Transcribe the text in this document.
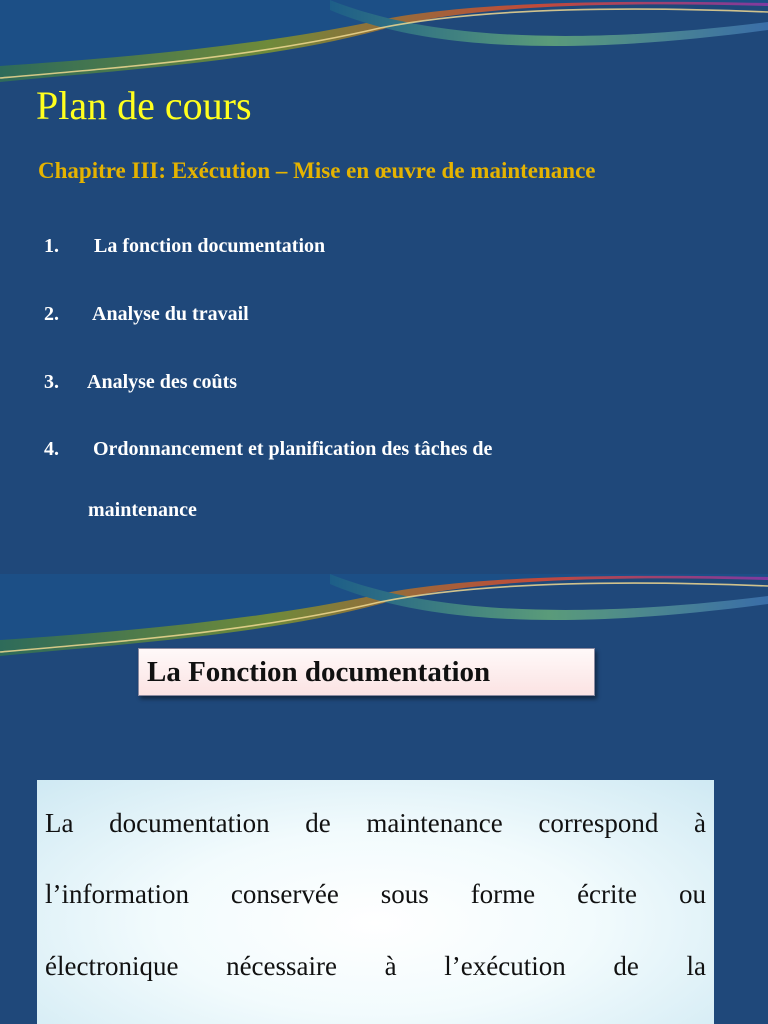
Plan de cours
Chapitre III: Exécution – Mise en œuvre de maintenance
1. La fonction documentation
2. Analyse du travail
3. Analyse des coûts
4. Ordonnancement et planification des tâches de
maintenance
La Fonction documentation
La documentation de maintenance correspond à
l’information conservée sous forme écrite ou
électronique nécessaire à l’exécution de la
